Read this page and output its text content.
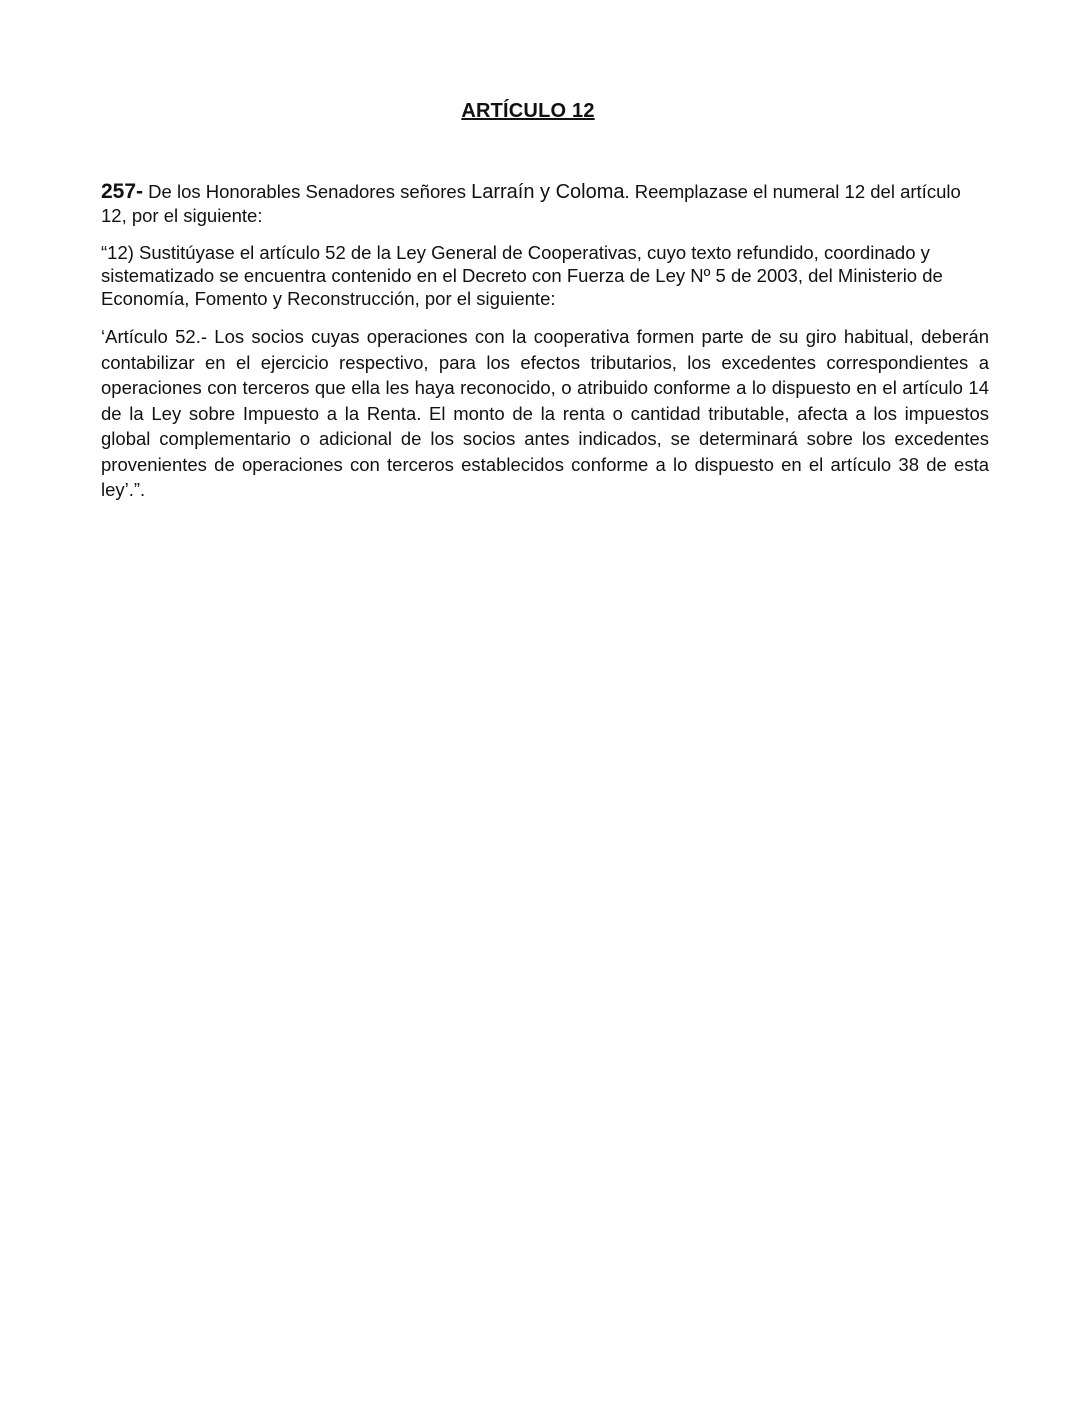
ARTÍCULO 12

257- De los Honorables Senadores señores Larraín y Coloma. Reemplazase el numeral 12 del artículo 12, por el siguiente:

“12) Sustitúyase el artículo 52 de la Ley General de Cooperativas, cuyo texto refundido, coordinado y sistematizado se encuentra contenido en el Decreto con Fuerza de Ley Nº 5 de 2003, del Ministerio de Economía, Fomento y Reconstrucción, por el siguiente:

‘Artículo 52.- Los socios cuyas operaciones con la cooperativa formen parte de su giro habitual, deberán contabilizar en el ejercicio respectivo, para los efectos tributarios, los excedentes correspondientes a operaciones con terceros que ella les haya reconocido, o atribuido conforme a lo dispuesto en el artículo 14 de la Ley sobre Impuesto a la Renta. El monto de la renta o cantidad tributable, afecta a los impuestos global complementario o adicional de los socios antes indicados, se determinará sobre los excedentes provenientes de operaciones con terceros establecidos conforme a lo dispuesto en el artículo 38 de esta ley’.”.
